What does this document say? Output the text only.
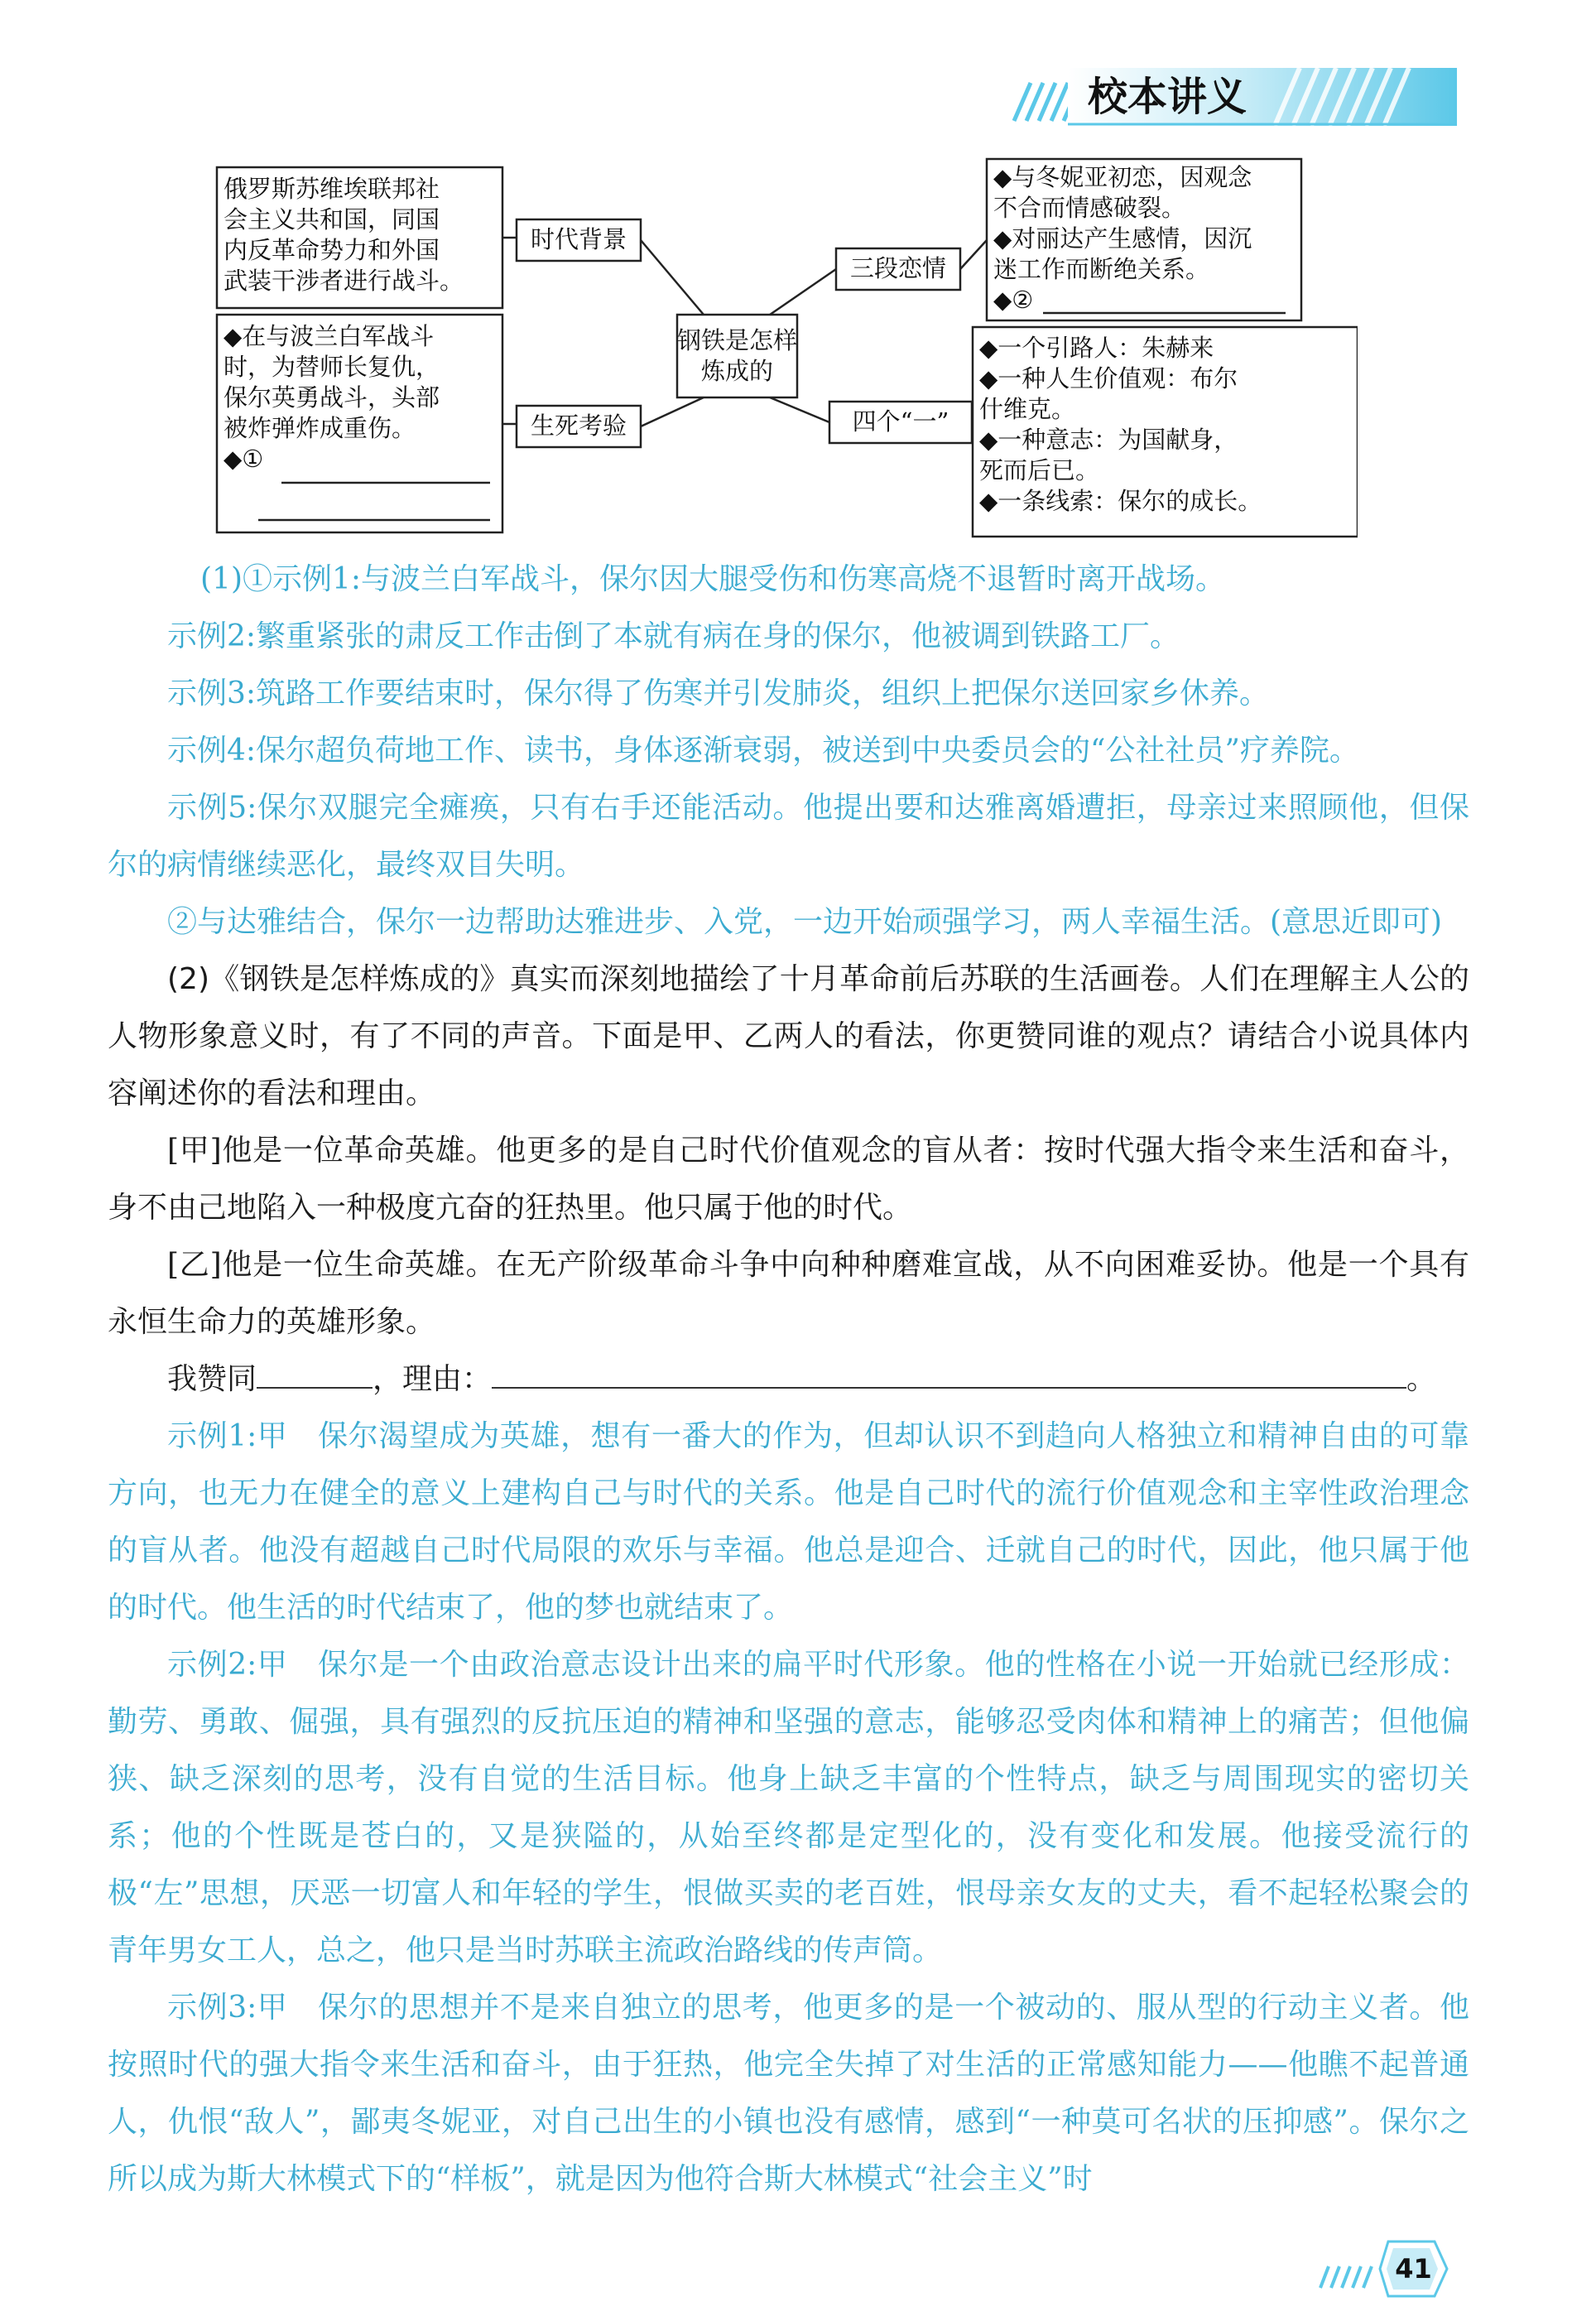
校本讲义
俄罗斯苏维埃联邦社
会主义共和国，同国
内反革命势力和外国
武装干涉者进行战斗。
时代背景
◆在与波兰白军战斗
时，为替师长复仇，
保尔英勇战斗，头部
被炸弹炸成重伤。
◆①
生死考验
钢铁是怎样
炼成的
三段恋情
四个“一”
◆与冬妮亚初恋，因观念
不合而情感破裂。
◆对丽达产生感情，因沉
迷工作而断绝关系。
◆②
◆一个引路人：朱赫来
◆一种人生价值观：布尔
什维克。
◆一种意志：为国献身，
死而后已。
◆一条线索：保尔的成长。
(1)①示例1:与波兰白军战斗，保尔因大腿受伤和伤寒高烧不退暂时离开战场。
示例2:繁重紧张的肃反工作击倒了本就有病在身的保尔，他被调到铁路工厂。
示例3:筑路工作要结束时，保尔得了伤寒并引发肺炎，组织上把保尔送回家乡休养。
示例4:保尔超负荷地工作、读书，身体逐渐衰弱，被送到中央委员会的“公社社员”疗养院。
示例5:保尔双腿完全瘫痪，只有右手还能活动。他提出要和达雅离婚遭拒，母亲过来照顾他，但保尔的病情继续恶化，最终双目失明。
②与达雅结合，保尔一边帮助达雅进步、入党，一边开始顽强学习，两人幸福生活。(意思近即可)
(2)《钢铁是怎样炼成的》真实而深刻地描绘了十月革命前后苏联的生活画卷。人们在理解主人公的人物形象意义时，有了不同的声音。下面是甲、乙两人的看法，你更赞同谁的观点？请结合小说具体内容阐述你的看法和理由。
[甲]他是一位革命英雄。他更多的是自己时代价值观念的盲从者：按时代强大指令来生活和奋斗，身不由己地陷入一种极度亢奋的狂热里。他只属于他的时代。
[乙]他是一位生命英雄。在无产阶级革命斗争中向种种磨难宣战，从不向困难妥协。他是一个具有永恒生命力的英雄形象。
我赞同	，理由：	。
示例1:甲　保尔渴望成为英雄，想有一番大的作为，但却认识不到趋向人格独立和精神自由的可靠方向，也无力在健全的意义上建构自己与时代的关系。他是自己时代的流行价值观念和主宰性政治理念的盲从者。他没有超越自己时代局限的欢乐与幸福。他总是迎合、迁就自己的时代，因此，他只属于他的时代。他生活的时代结束了，他的梦也就结束了。
示例2:甲　保尔是一个由政治意志设计出来的扁平时代形象。他的性格在小说一开始就已经形成：勤劳、勇敢、倔强，具有强烈的反抗压迫的精神和坚强的意志，能够忍受肉体和精神上的痛苦；但他偏狭、缺乏深刻的思考，没有自觉的生活目标。他身上缺乏丰富的个性特点，缺乏与周围现实的密切关系；他的个性既是苍白的，又是狭隘的，从始至终都是定型化的，没有变化和发展。他接受流行的极“左”思想，厌恶一切富人和年轻的学生，恨做买卖的老百姓，恨母亲女友的丈夫，看不起轻松聚会的青年男女工人，总之，他只是当时苏联主流政治路线的传声筒。
示例3:甲　保尔的思想并不是来自独立的思考，他更多的是一个被动的、服从型的行动主义者。他按照时代的强大指令来生活和奋斗，由于狂热，他完全失掉了对生活的正常感知能力——他瞧不起普通人，仇恨“敌人”，鄙夷冬妮亚，对自己出生的小镇也没有感情，感到“一种莫可名状的压抑感”。保尔之所以成为斯大林模式下的“样板”，就是因为他符合斯大林模式“社会主义”时
41
